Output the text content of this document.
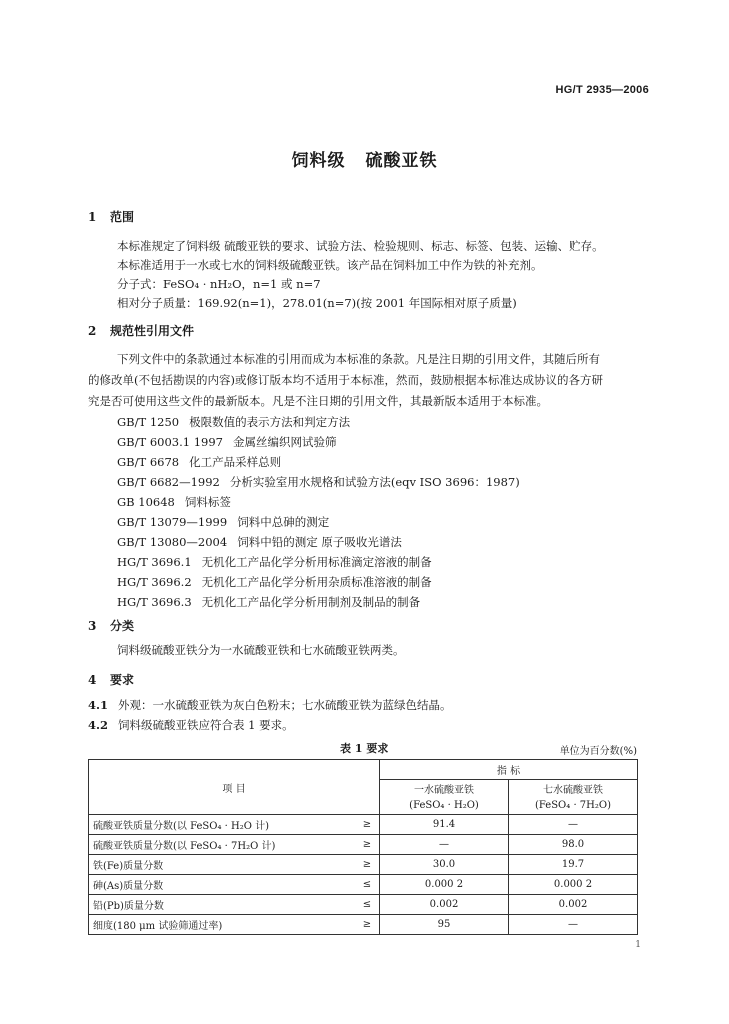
HG/T 2935—2006
饲料级 硫酸亚铁
1 范围
本标准规定了饲料级 硫酸亚铁的要求、试验方法、检验规则、标志、标签、包装、运输、贮存。
本标准适用于一水或七水的饲料级硫酸亚铁。该产品在饲料加工中作为铁的补充剂。
分子式：FeSO₄ · nH₂O，n=1 或 n=7
相对分子质量：169.92(n=1)，278.01(n=7)(按 2001 年国际相对原子质量)
2 规范性引用文件
下列文件中的条款通过本标准的引用而成为本标准的条款。凡是注日期的引用文件，其随后所有
的修改单(不包括勘误的内容)或修订版本均不适用于本标准，然而，鼓励根据本标准达成协议的各方研
究是否可使用这些文件的最新版本。凡是不注日期的引用文件，其最新版本适用于本标准。
GB/T 1250 极限数值的表示方法和判定方法
GB/T 6003.1 1997 金属丝编织网试验筛
GB/T 6678 化工产品采样总则
GB/T 6682—1992 分析实验室用水规格和试验方法(eqv ISO 3696：1987)
GB 10648 饲料标签
GB/T 13079—1999 饲料中总砷的测定
GB/T 13080—2004 饲料中铅的测定 原子吸收光谱法
HG/T 3696.1 无机化工产品化学分析用标准滴定溶液的制备
HG/T 3696.2 无机化工产品化学分析用杂质标准溶液的制备
HG/T 3696.3 无机化工产品化学分析用制剂及制品的制备
3 分类
饲料级硫酸亚铁分为一水硫酸亚铁和七水硫酸亚铁两类。
4 要求
4.1 外观：一水硫酸亚铁为灰白色粉末；七水硫酸亚铁为蓝绿色结晶。
4.2 饲料级硫酸亚铁应符合表 1 要求。
表 1 要求	单位为百分数(%)
项 目		指 标	
		一水硫酸亚铁	七水硫酸亚铁
		(FeSO₄ · H₂O)	(FeSO₄ · 7H₂O)
硫酸亚铁质量分数(以 FeSO₄ · H₂O 计)	≥	91.4	—
硫酸亚铁质量分数(以 FeSO₄ · 7H₂O 计)	≥	—	98.0
铁(Fe)质量分数	≥	30.0	19.7
砷(As)质量分数	≤	0.000 2	0.000 2
铅(Pb)质量分数	≤	0.002	0.002
细度(180 μm 试验筛通过率)	≥	95	—
1
